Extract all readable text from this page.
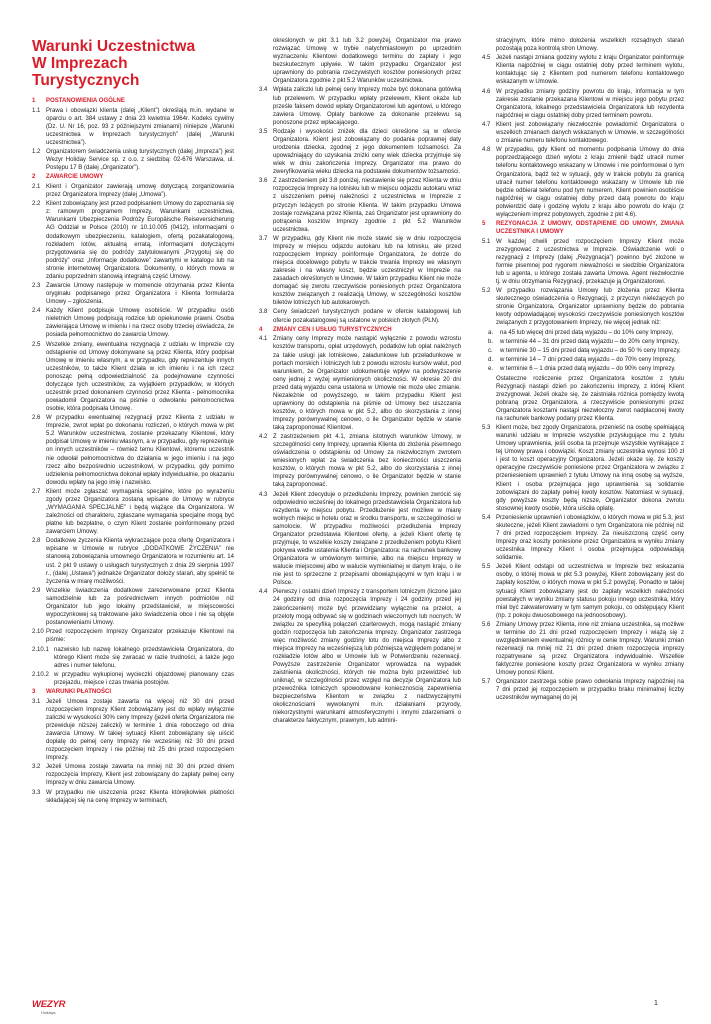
Warunki Uczestnictwa
W Imprezach Turystycznych
1	POSTANOWIENIA OGÓLNE
1.1 Prawa i obowiązki klienta (dalej „Klient”) określają m.in. wydane w oparciu o art. 384 ustawy z dnia 23 kwietnia 1964r. Kodeks cywilny (Dz. U. Nr 16, poz. 93 z późniejszymi zmianami) niniejsze „Warunki uczestnictwa w Imprezach turystycznych” (dalej „Warunki uczestnictwa”).
1.2 Organizatorem świadczenia usług turystycznych (dalej „Impreza”) jest Wezyr Holiday Service sp. z o.o. z siedzibą: 02-676 Warszawa, ul. Postępu 17 B (dalej „Organizator”).
2	ZAWARCIE UMOWY
2.1 Klient i Organizator zawierają umowę dotyczącą zorganizowania przez Organizatora Imprezy (dalej „Umowa”).
2.2 Klient zobowiązany jest przed podpisaniem Umowy do zapoznania się z: ramowym programem Imprezy, Warunkami uczestnictwa, Warunkami Ubezpieczenia Podróży Europäische Reiseversicherung AG Oddział w Polsce (2010) nr 10.10.005 (0412), informacjami o dodatkowym ubezpieczeniu, katalogiem, ofertą pozakatalogową, rozkładem lotów, aktualną erratą, informacjami dotyczącymi przygotowania się do podróży zatytułowanymi „Przygotuj się do podróży” oraz „Informacje dodatkowe” zawartymi w katalogu lub na stronie internetowej Organizatora. Dokumenty, o których mowa w zdaniu poprzednim stanowią integralną część Umowy.
2.3 Zawarcie Umowy następuje w momencie otrzymania przez Klienta oryginału podpisanego przez Organizatora i Klienta formularza Umowy – zgłoszenia.
2.4 Każdy Klient podpisuje Umowę osobiście. W przypadku osób nieletnich Umowę podpisują rodzice lub opiekunowie prawni. Osoba zawierająca Umowę w imieniu i na rzecz osoby trzeciej oświadcza, że posiada pełnomocnictwo do zawarcia Umowy.
2.5 Wszelkie zmiany, ewentualna rezygnacja z udziału w Imprezie czy odstąpienie od Umowy dokonywane są przez Klienta, który podpisał Umowę w imieniu własnym, a w przypadku, gdy reprezentuje innych uczestników, to także Klient działa w ich imieniu i na ich rzecz ponosząc pełną odpowiedzialność za podejmowane czynności dotyczące tych uczestników, za wyjątkiem przypadków, w których uczestnik przed dokonaniem czynności przez Klienta - pełnomocnika powiadomił Organizatora na piśmie o odwołaniu pełnomocnictwa osobie, która podpisała Umowę.
2.6 W przypadku ewentualnej rezygnacji przez Klienta z udziału w Imprezie, zwrot wpłat po dokonaniu rozliczeń, o których mowa w pkt 5.2 Warunków uczestnictwa, zostanie przekazany Klientowi, który podpisał Umowę w imieniu własnym, a w przypadku, gdy reprezentuje on innych uczestników – również temu Klientowi, któremu uczestnik nie odwołał pełnomocnictwa do działania w jego imieniu i na jego rzecz albo bezpośrednio uczestnikowi, w przypadku, gdy pomimo udzielenia pełnomocnictwa dokonał wpłaty indywidualnie, po okazaniu dowodu wpłaty na jego imię i nazwisko.
2.7 Klient może zgłaszać wymagania specjalne, które po wyrażeniu zgody przez Organizatora zostaną wpisane do Umowy w rubryce „WYMAGANIA SPECJALNE” i będą wiążące dla Organizatora. W zależności od charakteru, zgłaszane wymagania specjalne mogą być płatne lub bezpłatne, o czym Klient zostanie poinformowany przed zawarciem Umowy.
2.8 Dodatkowe życzenia Klienta wykraczające poza ofertę Organizatora i wpisane w Umowie w rubryce „DODATKOWE ŻYCZENIA” nie stanowią zobowiązania umownego Organizatora w rozumieniu art. 14 ust. 2 pkt 9 ustawy o usługach turystycznych z dnia 29 sierpnia 1997 r., (dalej „Ustawa”) jednakże Organizator dołoży starań, aby spełnić te życzenia w miarę możliwości.
2.9 Wszelkie świadczenia dodatkowe zarezerwowane przez Klienta samodzielnie lub za pośrednictwem innych podmiotów niż Organizator lub jego lokalny przedstawiciel, w miejscowości wypoczynkowej są traktowane jako świadczenia obce i nie są objęte postanowieniami Umowy.
2.10 Przed rozpoczęciem Imprezy Organizator przekazuje Klientowi na piśmie:
2.10.1 nazwisko lub nazwę lokalnego przedstawiciela Organizatora, do którego Klient może się zwracać w razie trudności, a także jego adres i numer telefonu,
2.10.2 w przypadku wykupionej wycieczki objazdowej planowany czas przejazdu, miejsce i czas trwania postojów.
3	WARUNKI PŁATNOŚCI
3.1 Jeżeli Umowa zostaje zawarta na więcej niż 30 dni przed rozpoczęciem Imprezy Klient zobowiązany jest do wpłaty wyłącznie zaliczki w wysokości 30% ceny Imprezy (jeżeli oferta Organizatora nie przewiduje niższej zaliczki) w terminie 1 dnia roboczego od dnia zawarcia Umowy. W takiej sytuacji Klient zobowiązany się uiścić dopłatę do pełnej ceny Imprezy nie wcześniej niż 30 dni przed rozpoczęciem Imprezy i nie później niż 25 dni przed rozpoczęciem Imprezy.
3.2 Jeżeli Umowa zostaje zawarta na mniej niż 30 dni przed dniem rozpoczęcia Imprezy, Klient jest zobowiązany do zapłaty pełnej ceny Imprezy w dniu zawarcia Umowy.
3.3 W przypadku nie uiszczenia przez Klienta którejkolwiek płatności składającej się na cenę Imprezy w terminach,
określonych w pkt 3.1 lub 3.2 powyżej, Organizator ma prawo rozwiązać Umowę w trybie natychmiastowym po uprzednim wyznaczeniu Klientowi dodatkowego terminu do zapłaty i jego bezskutecznym upływie. W takim przypadku Organizator jest uprawniony do pobrania rzeczywistych kosztów poniesionych przez Organizatora zgodnie z pkt 5.2 Warunków uczestnictwa.
3.4 Wpłata zaliczki lub pełnej ceny Imprezy może być dokonana gotówką lub przelewem. W przypadku wpłaty przelewem, Klient okaże lub prześle faksem dowód wpłaty Organizatorowi lub agentowi, u którego zawiera Umowę. Opłaty bankowe za dokonanie przelewu są ponoszone przez wpłacającego.
3.5 Rodzaje i wysokości zniżek dla dzieci określone są w ofercie Organizatora. Klient jest zobowiązany do podania poprawnej daty urodzenia dziecka, zgodnej z jego dokumentem tożsamości. Za upowaźniający do uzyskania zniżki ceny wiek dziecka przyjmuje się wiek w dniu zakończenia Imprezy. Organizator ma prawo do zweryfikowania wieku dziecka na podstawie dokumentów tożsamości.
3.6 Z zastrzeżeniem pkt 3.8 poniżej, niestawienie się przez Klienta w dniu rozpoczęcia Imprezy na lotnisku lub w miejscu odjazdu autokaru wraz z uiszczeniem pełnej należności z uczestnictwa w Imprezie z przyczyn leżących po stronie Klienta. W takim przypadku Umowa zostaje rozwiązana przez Klienta, zaś Organizator jest uprawniony do potrącenia kosztów Imprezy zgodnie z pkt 5.2 Warunków uczestnictwa.
3.7 W przypadku, gdy Klient nie może stawić się w dniu rozpoczęcia Imprezy w miejscu odjazdu autokaru lub na lotnisku, ale przed rozpoczęciem Imprezy poinformuje Organizatora, że dotrze do miejsca docelowego pobytu w trakcie trwania Imprezy we własnym zakresie i na własny koszt, będzie uczestniczył w Imprezie na zasadach określonych w Umowie. W takim przypadku Klient nie może domagać się zwrotu rzeczywiście poniesionych przez Organizatora kosztów związanych z realizacją Umowy, w szczególności kosztów biletów lotniczych lub autokarowych.
3.8 Ceny świadczeń turystycznych podane w ofercie katalogowej lub ofercie pozakatalogowej są ustalone w polskich złotych (PLN).
4	ZMIANY CEN I USŁUG TURYSTYCZNYCH
4.1 Zmiany ceny Imprezy może nastąpić wyłącznie z powodu wzrostu kosztów transportu, opłat urzędowych, podatków lub opłat należnych za takie usługi jak lotniskowe, załadunkowe lub przeładunkowe w portach morskich i lotniczych lub z powodu wzrostu kursów walut, pod warunkiem, że Organizator udokumentuje wpływ na podwyższenie ceny jednej z wyżej wymienionych okoliczności. W okresie 20 dni przed datą wyjazdu cena ustalona w Umowie nie może ulec zmianie. Niezależnie od powyższego, w takim przypadku Klient jest uprawniony do odstąpienia na piśmie od Umowy bez uiszczania kosztów, o których mowa w pkt 5.2, albo do skorzystania z innej Imprezy porównywalnej cenowo, o ile Organizator będzie w stanie taką zaproponować Klientowi.
4.2 Z zastrzeżeniem pkt 4.1, zmiana istotnych warunków Umowy, w szczególności ceny Imprezy, uprawnia Klienta do złożenia pisemnego oświadczenia o odstąpieniu od Umowy za niezwłocznym zwrotem wniesionych wpłat za świadczenia bez konieczności uiszczenia kosztów, o których mowa w pkt 5.2, albo do skorzystania z innej Imprezy porównywalnej cenowo, o ile Organizator będzie w stanie taką zaproponować.
4.3 Jeżeli Klient zdecyduje o przedłużeniu Imprezy, powinien zwrócić się odpowiednio wcześniej do lokalnego przedstawiciela Organizatora lub rezydenta w miejscu pobytu. Przedłużenie jest możliwe w miarę wolnych miejsc w hotelu oraz w środku transportu, w szczególności w samolocie. W przypadku możliwości przedłużenia Imprezy Organizator przedstawia Klientowi ofertę, a jeżeli Klient ofertę tę przyjmuje, to wszelkie koszty związane z przedłużeniem pobytu Klient pokrywa wedle ustalenia Klienta i Organizatora: na rachunek bankowy Organizatora w umówionym terminie, albo na miejscu Imprezy w walucie miejscowej albo w walucie wymienialnej w danym kraju, o ile nie jest to sprzeczne z przepisami obowiązującymi w tym kraju i w Polsce.
4.4 Pierwszy i ostatni dzień Imprezy z transportem lotniczym (liczone jako 24 godziny od dnia rozpoczęcia Imprezy i 24 godziny przed jej zakończeniem) może być przewidziany wyłącznie na przelot, a przeloty mogą odbywać się w godzinach wieczornych lub nocnych. W związku ze specyfiką połączeń czarterowych, mogą nastąpić zmiany godzin rozpoczęcia lub zakończenia Imprezy. Organizator zastrzega więc możliwość zmiany godziny lotu do miejsca Imprezy albo z miejsca Imprezy na wcześniejszą lub późniejszą względem podanej w rozkładzie lotów albo w Umowie lub w Potwierdzeniu rezerwacji. Powyższe zastrzeżenie Organizator wprowadza na wypadek zaistnienia okoliczności, których nie można było przewidzieć lub uniknąć, w szczególności przez względ na decyzje Organizatora lub przewoźnika lotniczych spowodowane koniecznością zapewnienia bezpieczeństwa Klientom w związku z nadzwyczajnymi okolicznościami wywołanymi m.in. działaniami przyrody, niekorzystnymi warunkami atmosferycznymi i innymi zdarzeniami o charakterze faktycznym, prawnym, lub admini-
stracyjnym, które mimo dołożenia wszelkich rozsądnych starań pozostają poza kontrolą stron Umowy.
4.5 Jeżeli nastąpi zmiana godziny wylotu z kraju Organizator poinformuje Klienta najpóźniej w ciągu ostatniej doby przed terminem wylotu, kontaktując się z Klientem pod numerem telefonu kontaktowego wskazanym w Umowie.
4.6 W przypadku zmiany godziny powrotu do kraju, informacja w tym zakresie zostanie przekazana Klientowi w miejscu jego pobytu przez Organizatora, lokalnego przedstawiciela Organizatora lub rezydenta najpóźniej w ciągu ostatniej doby przed terminem powrotu.
4.7 Klient jest zobowiązany niezwłocznie powiadomić Organizatora o wszelkich zmianach danych wskazanych w Umowie, w szczególności o zmianie numeru telefonu kontaktowego.
4.8 W przypadku, gdy Klient od momentu podpisania Umowy do dnia poprzedzającego dzień wylotu z kraju zmienił bądź utracił numer telefonu kontaktowego wskazany w Umowie i nie poinformował o tym Organizatora, bądź też w sytuacji, gdy w trakcie pobytu za granicą utracił numer telefonu kontaktowego wskazany w Umowie lub nie będzie odbierał telefonu pod tym numerem, Klient powinien osobiście najpóźniej w ciągu ostatniej doby przed datą powrotu do kraju potwierdzić datę i godzinę wylotu z kraju albo powrotu do kraju (z wyłączeniem imprez pobytowych, zgodnie z pkt 4.6).
5	REZYGNACJA Z UMOWY, ODSTĄPIENIE OD UMOWY, ZMIANA UCZESTNIKA I UMOWY
5.1 W każdej chwili przed rozpoczęciem Imprezy Klient może zrezygnować z uczestnictwa w Imprezie. Oświadczenie woli o rezygnacji z Imprezy (dalej „Rezygnacja”) powinno być złożone w formie pisemnej pod rygorem nieważności w siedzibie Organizatora lub u agenta, u którego została zawarta Umowa. Agent niezwłocznie tj. w dniu otrzymania Rezygnacji, przekazuje ją Organizatorowi.
5.2 W przypadku rozwiązania Umowy lub złożenia przez Klienta skutecznego oświadczenia o Rezygnacji, z przyczyn nieleżących po stronie Organizatora, Organizator uprawniony będzie do pobrania kwoty odpowiadającej wysokości rzeczywiście poniesionych kosztów związanych z przygotowaniem Imprezy, nie więcej jednak niż:
a.	na 45 lub więcej dni przed datą wyjazdu – do 10% ceny Imprezy,
b.	w terminie 44 – 31 dni przed datą wyjazdu – do 20% ceny Imprezy,
c.	w terminie 30 – 15 dni przed datą wyjazdu – do 50 % ceny Imprezy,
d.	w terminie 14 – 7 dni przed datą wyjazdu – do 70% ceny Imprezy,
e.	w terminie 6 – 1 dnia przed datą wyjazdu – do 90% ceny Imprezy.
Ostateczne rozliczenie przez Organizatora kosztów z tytułu Rezygnacji nastąpi dzień po zakończeniu Imprezy, z której Klient zrezygnował. Jeżeli okaże się, że zaistniała różnica pomiędzy kwotą pobraną przez Organizatora, a rzeczywiście poniesionymi przez Organizatora kosztami nastąpi niezwłoczny zwrot nadpłaconej kwoty na rachunek bankowy podany przez Klienta.
5.3 Klient może, bez zgody Organizatora, przenieść na osobę spełniającą warunki udziału w Imprezie wszystkie przysługujące mu z tytułu Umowy uprawnienia, jeśli osoba ta przejmuje wszystkie wynikające z tej Umowy prawa i obowiązki. Koszt zmiany uczestnika wynosi 100 zł i jest to koszt operacyjny Organizatora. Jeżeli okaże się, że koszty operacyjne rzeczywiście poniesione przez Organizatora w związku z przeniesieniem uprawnień z tytułu Umowy na inną osobę są wyższe, Klient i osoba przejmująca jego uprawnienia są solidarnie zobowiązani do zapłaty pełnej kwoty kosztów. Natomiast w sytuacji, gdy powyższe koszty będą niższe, Organizator dokona zwrotu stosownej kwoty osobie, która uiściła opłatę.
5.4 Przeniesienie uprawnień i obowiązków, o których mowa w pkt 5.3, jest skuteczne, jeżeli Klient zawiadomi o tym Organizatora nie później niż 7 dni przed rozpoczęciem Imprezy. Za nieuiszczoną część ceny Imprezy oraz koszty poniesione przez Organizatora w wyniku zmiany uczestnika Imprezy Klient i osoba przejmująca odpowiadają solidarnie.
5.5 Jeżeli Klient odstąpi od uczestnictwa w Imprezie bez wskazania osoby, o której mowa w pkt 5.3 powyżej, Klient zobowiązany jest do zapłaty kosztów, o których mowa w pkt 5.2 powyżej. Ponadto w takiej sytuacji Klient zobowiązany jest do zapłaty wszelkich należności powstałych w wyniku zmiany statusu pokoju innego uczestnika, który miał być zakwaterowany w tym samym pokoju, co odstępujący Klient (np. z pokoju dwuosobowego na jednoosobowy).
5.6 Zmiany Umowy przez Klienta, inne niż zmiana uczestnika, są możliwe w terminie do 21 dni przed rozpoczęciem Imprezy i wiążą się z uwzględnieniem ewentualnej różnicy w cenie Imprezy. Warunki zmian rezerwacji na mniej niż 21 dni przed dniem rozpoczęcia imprezy rozpatrywane są przez Organizatora indywidualnie. Wszelkie faktycznie poniesione koszty przez Organizatora w wyniku zmiany Umowy ponosi Klient.
5.7 Organizator zastrzega sobie prawo odwołania Imprezy najpóźniej na 7 dni przed jej rozpoczęciem w przypadku braku minimalnej liczby uczestników wymaganej do jej
WEZYR
Holidays
1
